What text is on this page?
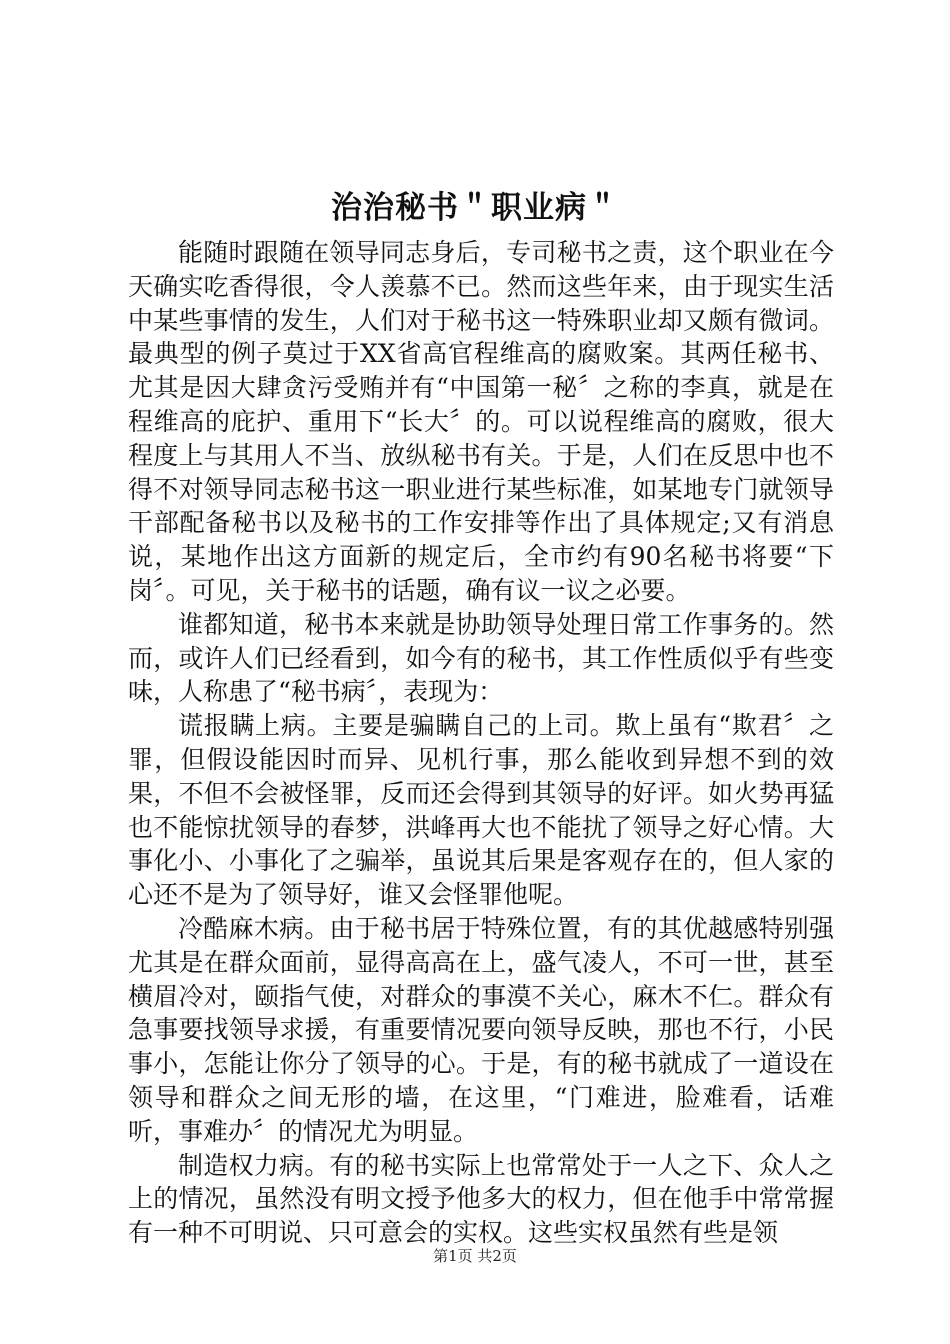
治治秘书＂职业病＂

能随时跟随在领导同志身后，专司秘书之责，这个职业在今天确实吃香得很，令人羡慕不已。然而这些年来，由于现实生活中某些事情的发生，人们对于秘书这一特殊职业却又颇有微词。最典型的例子莫过于XX省高官程维高的腐败案。其两任秘书、尤其是因大肆贪污受贿并有“中国第一秘〞之称的李真，就是在程维高的庇护、重用下“长大〞的。可以说程维高的腐败，很大程度上与其用人不当、放纵秘书有关。于是，人们在反思中也不得不对领导同志秘书这一职业进行某些标准，如某地专门就领导干部配备秘书以及秘书的工作安排等作出了具体规定;又有消息说，某地作出这方面新的规定后，全市约有90名秘书将要“下岗〞。可见，关于秘书的话题，确有议一议之必要。

谁都知道，秘书本来就是协助领导处理日常工作事务的。然而，或许人们已经看到，如今有的秘书，其工作性质似乎有些变味，人称患了“秘书病〞，表现为：

谎报瞒上病。主要是骗瞒自己的上司。欺上虽有“欺君〞之罪，但假设能因时而异、见机行事，那么能收到异想不到的效果，不但不会被怪罪，反而还会得到其领导的好评。如火势再猛也不能惊扰领导的春梦，洪峰再大也不能扰了领导之好心情。大事化小、小事化了之骗举，虽说其后果是客观存在的，但人家的心还不是为了领导好，谁又会怪罪他呢。

冷酷麻木病。由于秘书居于特殊位置，有的其优越感特别强尤其是在群众面前，显得高高在上，盛气凌人，不可一世，甚至横眉冷对，颐指气使，对群众的事漠不关心，麻木不仁。群众有急事要找领导求援，有重要情况要向领导反映，那也不行，小民事小，怎能让你分了领导的心。于是，有的秘书就成了一道设在领导和群众之间无形的墙，在这里，“门难进，脸难看，话难听，事难办〞的情况尤为明显。

制造权力病。有的秘书实际上也常常处于一人之下、众人之上的情况，虽然没有明文授予他多大的权力，但在他手中常常握有一种不可明说、只可意会的实权。这些实权虽然有些是领

第1页 共2页
